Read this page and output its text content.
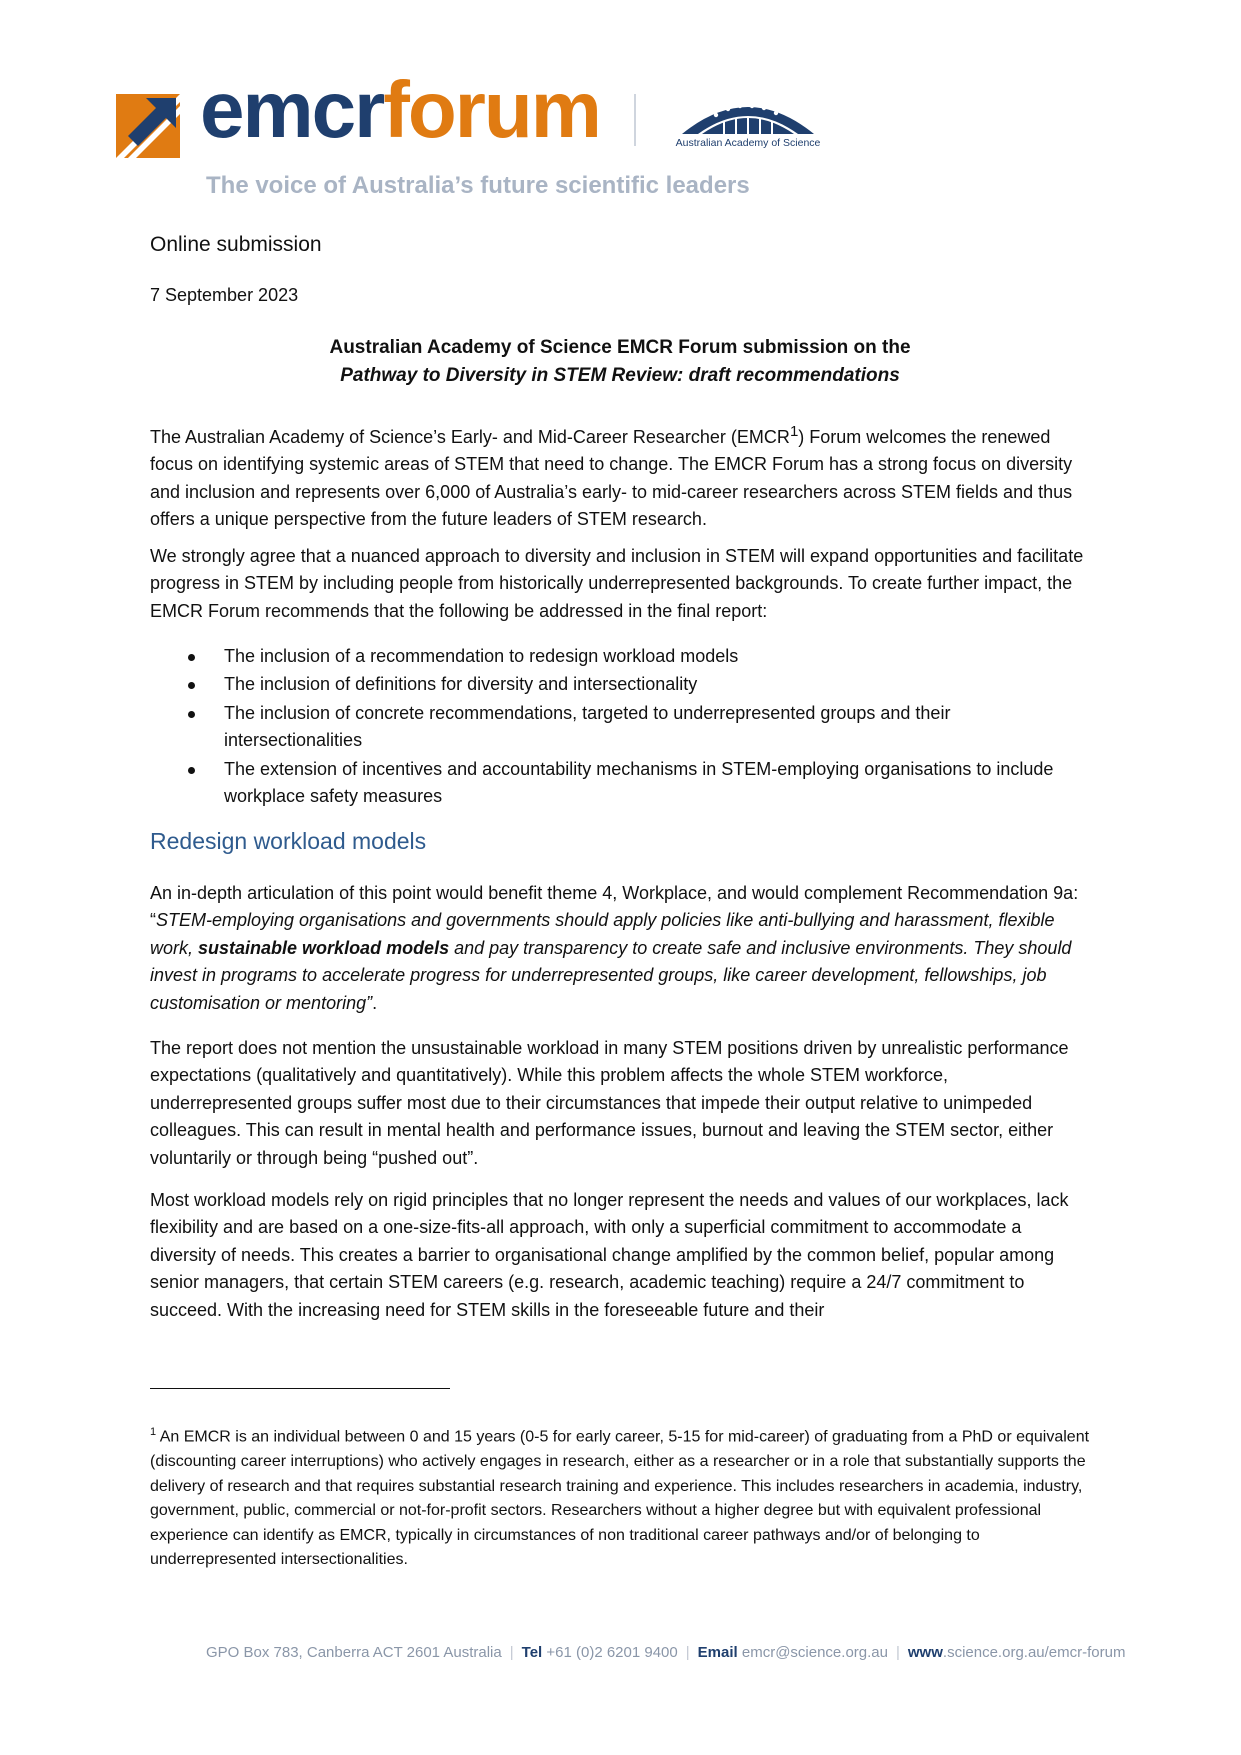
emcrforum
The voice of Australia’s future scientific leaders
Australian Academy of Science
Online submission
7 September 2023
Australian Academy of Science EMCR Forum submission on the
Pathway to Diversity in STEM Review: draft recommendations
The Australian Academy of Science’s Early- and Mid-Career Researcher (EMCR$^1$) Forum welcomes the renewed focus on identifying systemic areas of STEM that need to change. The EMCR Forum has a strong focus on diversity and inclusion and represents over 6,000 of Australia’s early- to mid-career researchers across STEM fields and thus offers a unique perspective from the future leaders of STEM research.
We strongly agree that a nuanced approach to diversity and inclusion in STEM will expand opportunities and facilitate progress in STEM by including people from historically underrepresented backgrounds. To create further impact, the EMCR Forum recommends that the following be addressed in the final report:
The inclusion of a recommendation to redesign workload models
The inclusion of definitions for diversity and intersectionality
The inclusion of concrete recommendations, targeted to underrepresented groups and their intersectionalities
The extension of incentives and accountability mechanisms in STEM-employing organisations to include workplace safety measures
Redesign workload models
An in-depth articulation of this point would benefit theme 4, Workplace, and would complement Recommendation 9a: “STEM-employing organisations and governments should apply policies like anti-bullying and harassment, flexible work, sustainable workload models and pay transparency to create safe and inclusive environments. They should invest in programs to accelerate progress for underrepresented groups, like career development, fellowships, job customisation or mentoring”.
The report does not mention the unsustainable workload in many STEM positions driven by unrealistic performance expectations (qualitatively and quantitatively). While this problem affects the whole STEM workforce, underrepresented groups suffer most due to their circumstances that impede their output relative to unimpeded colleagues. This can result in mental health and performance issues, burnout and leaving the STEM sector, either voluntarily or through being “pushed out”.
Most workload models rely on rigid principles that no longer represent the needs and values of our workplaces, lack flexibility and are based on a one-size-fits-all approach, with only a superficial commitment to accommodate a diversity of needs. This creates a barrier to organisational change amplified by the common belief, popular among senior managers, that certain STEM careers (e.g. research, academic teaching) require a 24/7 commitment to succeed. With the increasing need for STEM skills in the foreseeable future and their
$^1$ An EMCR is an individual between 0 and 15 years (0-5 for early career, 5-15 for mid-career) of graduating from a PhD or equivalent (discounting career interruptions) who actively engages in research, either as a researcher or in a role that substantially supports the delivery of research and that requires substantial research training and experience. This includes researchers in academia, industry, government, public, commercial or not-for-profit sectors. Researchers without a higher degree but with equivalent professional experience can identify as EMCR, typically in circumstances of non traditional career pathways and/or of belonging to underrepresented intersectionalities.
GPO Box 783, Canberra ACT 2601 Australia | Tel +61 (0)2 6201 9400 | Email emcr@science.org.au | www.science.org.au/emcr-forum
